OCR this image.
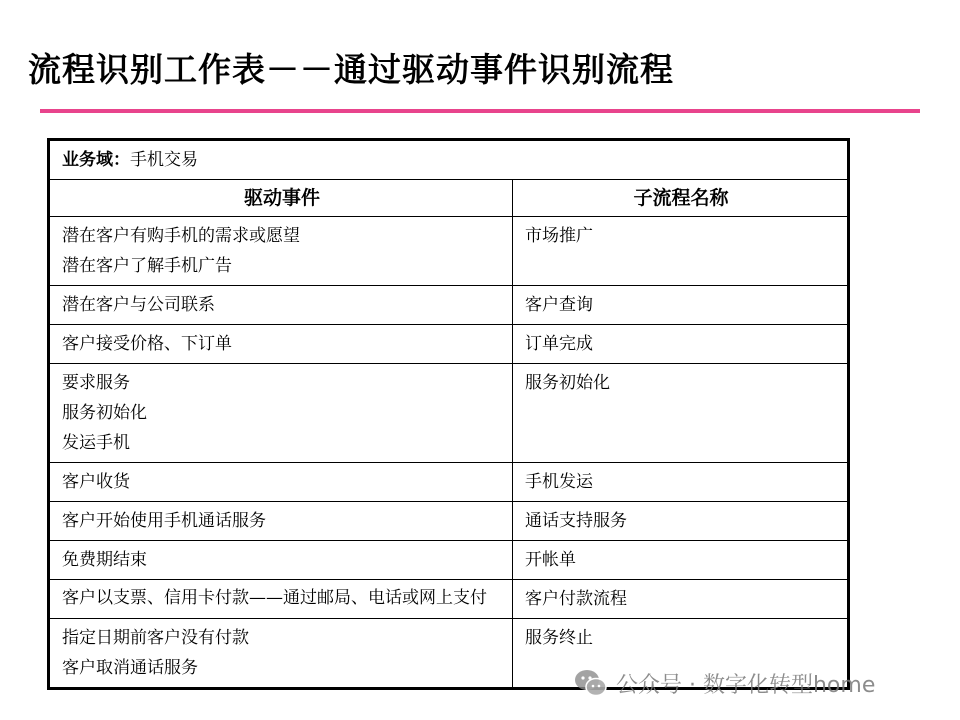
流程识别工作表－－通过驱动事件识别流程
业务域：手机交易	
驱动事件	子流程名称

潜在客户有购手机的需求或愿望
潜在客户了解手机广告	市场推广

潜在客户与公司联系	客户查询

客户接受价格、下订单	订单完成

要求服务
服务初始化
发运手机	服务初始化

客户收货	手机发运

客户开始使用手机通话服务	通话支持服务

免费期结束	开帐单

客户以支票、信用卡付款——通过邮局、电话或网上支付	客户付款流程

指定日期前客户没有付款
客户取消通话服务	服务终止
公众号 · 数字化转型home
